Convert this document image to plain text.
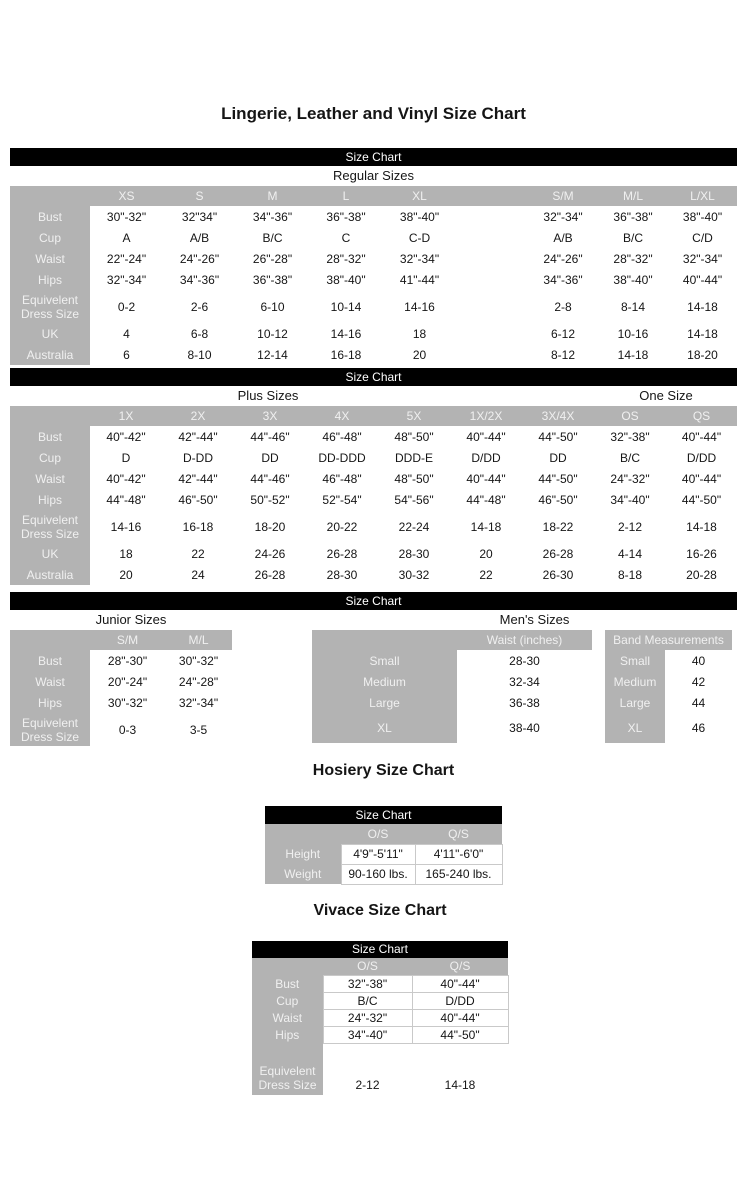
Lingerie, Leather and Vinyl Size Chart
Size Chart
Regular Sizes
	XS	S	M	L	XL		S/M	M/L	L/XL
Bust	30"-32"	32"34"	34"-36"	36"-38"	38"-40"		32"-34"	36"-38"	38"-40"
Cup	A	A/B	B/C	C	C-D		A/B	B/C	C/D
Waist	22"-24"	24"-26"	26"-28"	28"-32"	32"-34"		24"-26"	28"-32"	32"-34"
Hips	32"-34"	34"-36"	36"-38"	38"-40"	41"-44"		34"-36"	38"-40"	40"-44"
Equivelent Dress Size	0-2	2-6	6-10	10-14	14-16		2-8	8-14	14-18
UK	4	6-8	10-12	14-16	18		6-12	10-16	14-18
Australia	6	8-10	12-14	16-18	20		8-12	14-18	18-20
Size Chart
Plus Sizes	One Size
	1X	2X	3X	4X	5X	1X/2X	3X/4X	OS	QS
Bust	40"-42"	42"-44"	44"-46"	46"-48"	48"-50"	40"-44"	44"-50"	32"-38"	40"-44"
Cup	D	D-DD	DD	DD-DDD	DDD-E	D/DD	DD	B/C	D/DD
Waist	40"-42"	42"-44"	44"-46"	46"-48"	48"-50"	40"-44"	44"-50"	24"-32"	40"-44"
Hips	44"-48"	46"-50"	50"-52"	52"-54"	54"-56"	44"-48"	46"-50"	34"-40"	44"-50"
Equivelent Dress Size	14-16	16-18	18-20	20-22	22-24	14-18	18-22	2-12	14-18
UK	18	22	24-26	26-28	28-30	20	26-28	4-14	16-26
Australia	20	24	26-28	28-30	30-32	22	26-30	8-18	20-28
Size Chart
Junior Sizes	Men's Sizes
	S/M	M/L
Bust	28"-30"	30"-32"
Waist	20"-24"	24"-28"
Hips	30"-32"	32"-34"
Equivelent Dress Size	0-3	3-5
	Waist (inches)
Small	28-30
Medium	32-34
Large	36-38
XL	38-40
Band Measurements	
Small	40
Medium	42
Large	44
XL	46
Hosiery Size Chart
Size Chart
	O/S	Q/S
Height	4'9"-5'11"	4'11"-6'0"
Weight	90-160 lbs.	165-240 lbs.
Vivace Size Chart
Size Chart
	O/S	Q/S
Bust	32"-38"	40"-44"
Cup	B/C	D/DD
Waist	24"-32"	40"-44"
Hips	34"-40"	44"-50"

Equivelent Dress Size	2-12	14-18
